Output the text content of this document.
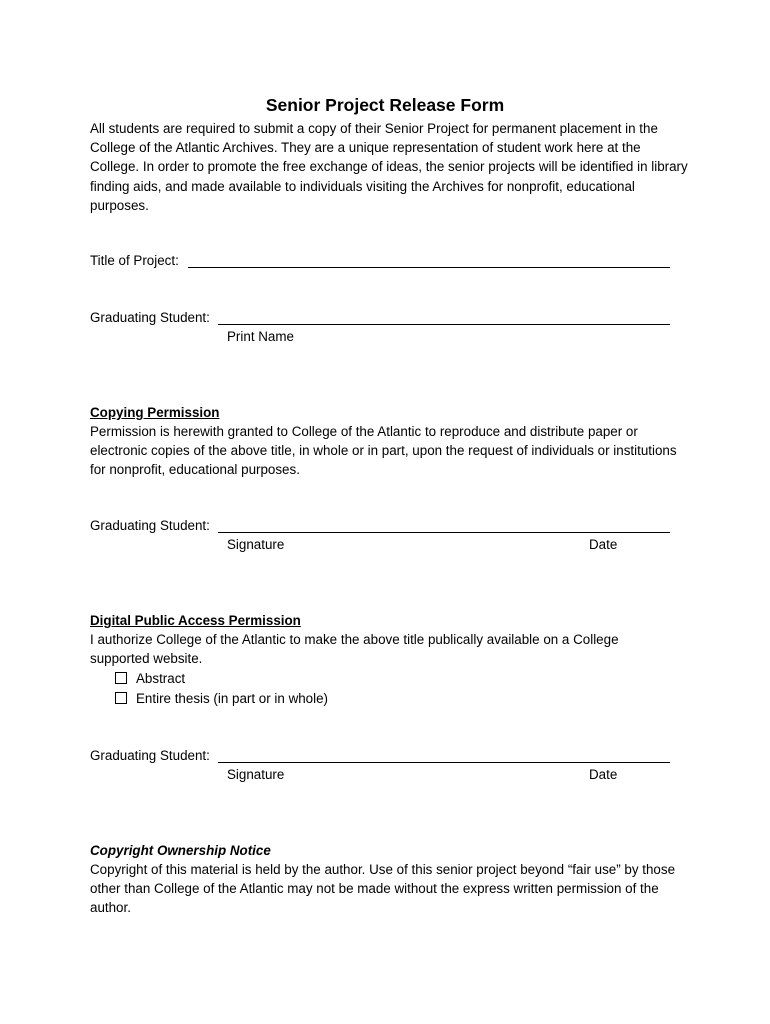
Senior Project Release Form
All students are required to submit a copy of their Senior Project for permanent placement in the College of the Atlantic Archives. They are a unique representation of student work here at the College. In order to promote the free exchange of ideas, the senior projects will be identified in library finding aids, and made available to individuals visiting the Archives for nonprofit, educational purposes.
Title of Project:
Graduating Student:
Print Name
Copying Permission
Permission is herewith granted to College of the Atlantic to reproduce and distribute paper or electronic copies of the above title, in whole or in part, upon the request of individuals or institutions for nonprofit, educational purposes.
Graduating Student:
Signature	Date
Digital Public Access Permission
I authorize College of the Atlantic to make the above title publically available on a College supported website.
Abstract
Entire thesis (in part or in whole)
Graduating Student:
Signature	Date
Copyright Ownership Notice
Copyright of this material is held by the author. Use of this senior project beyond “fair use” by those other than College of the Atlantic may not be made without the express written permission of the author.
